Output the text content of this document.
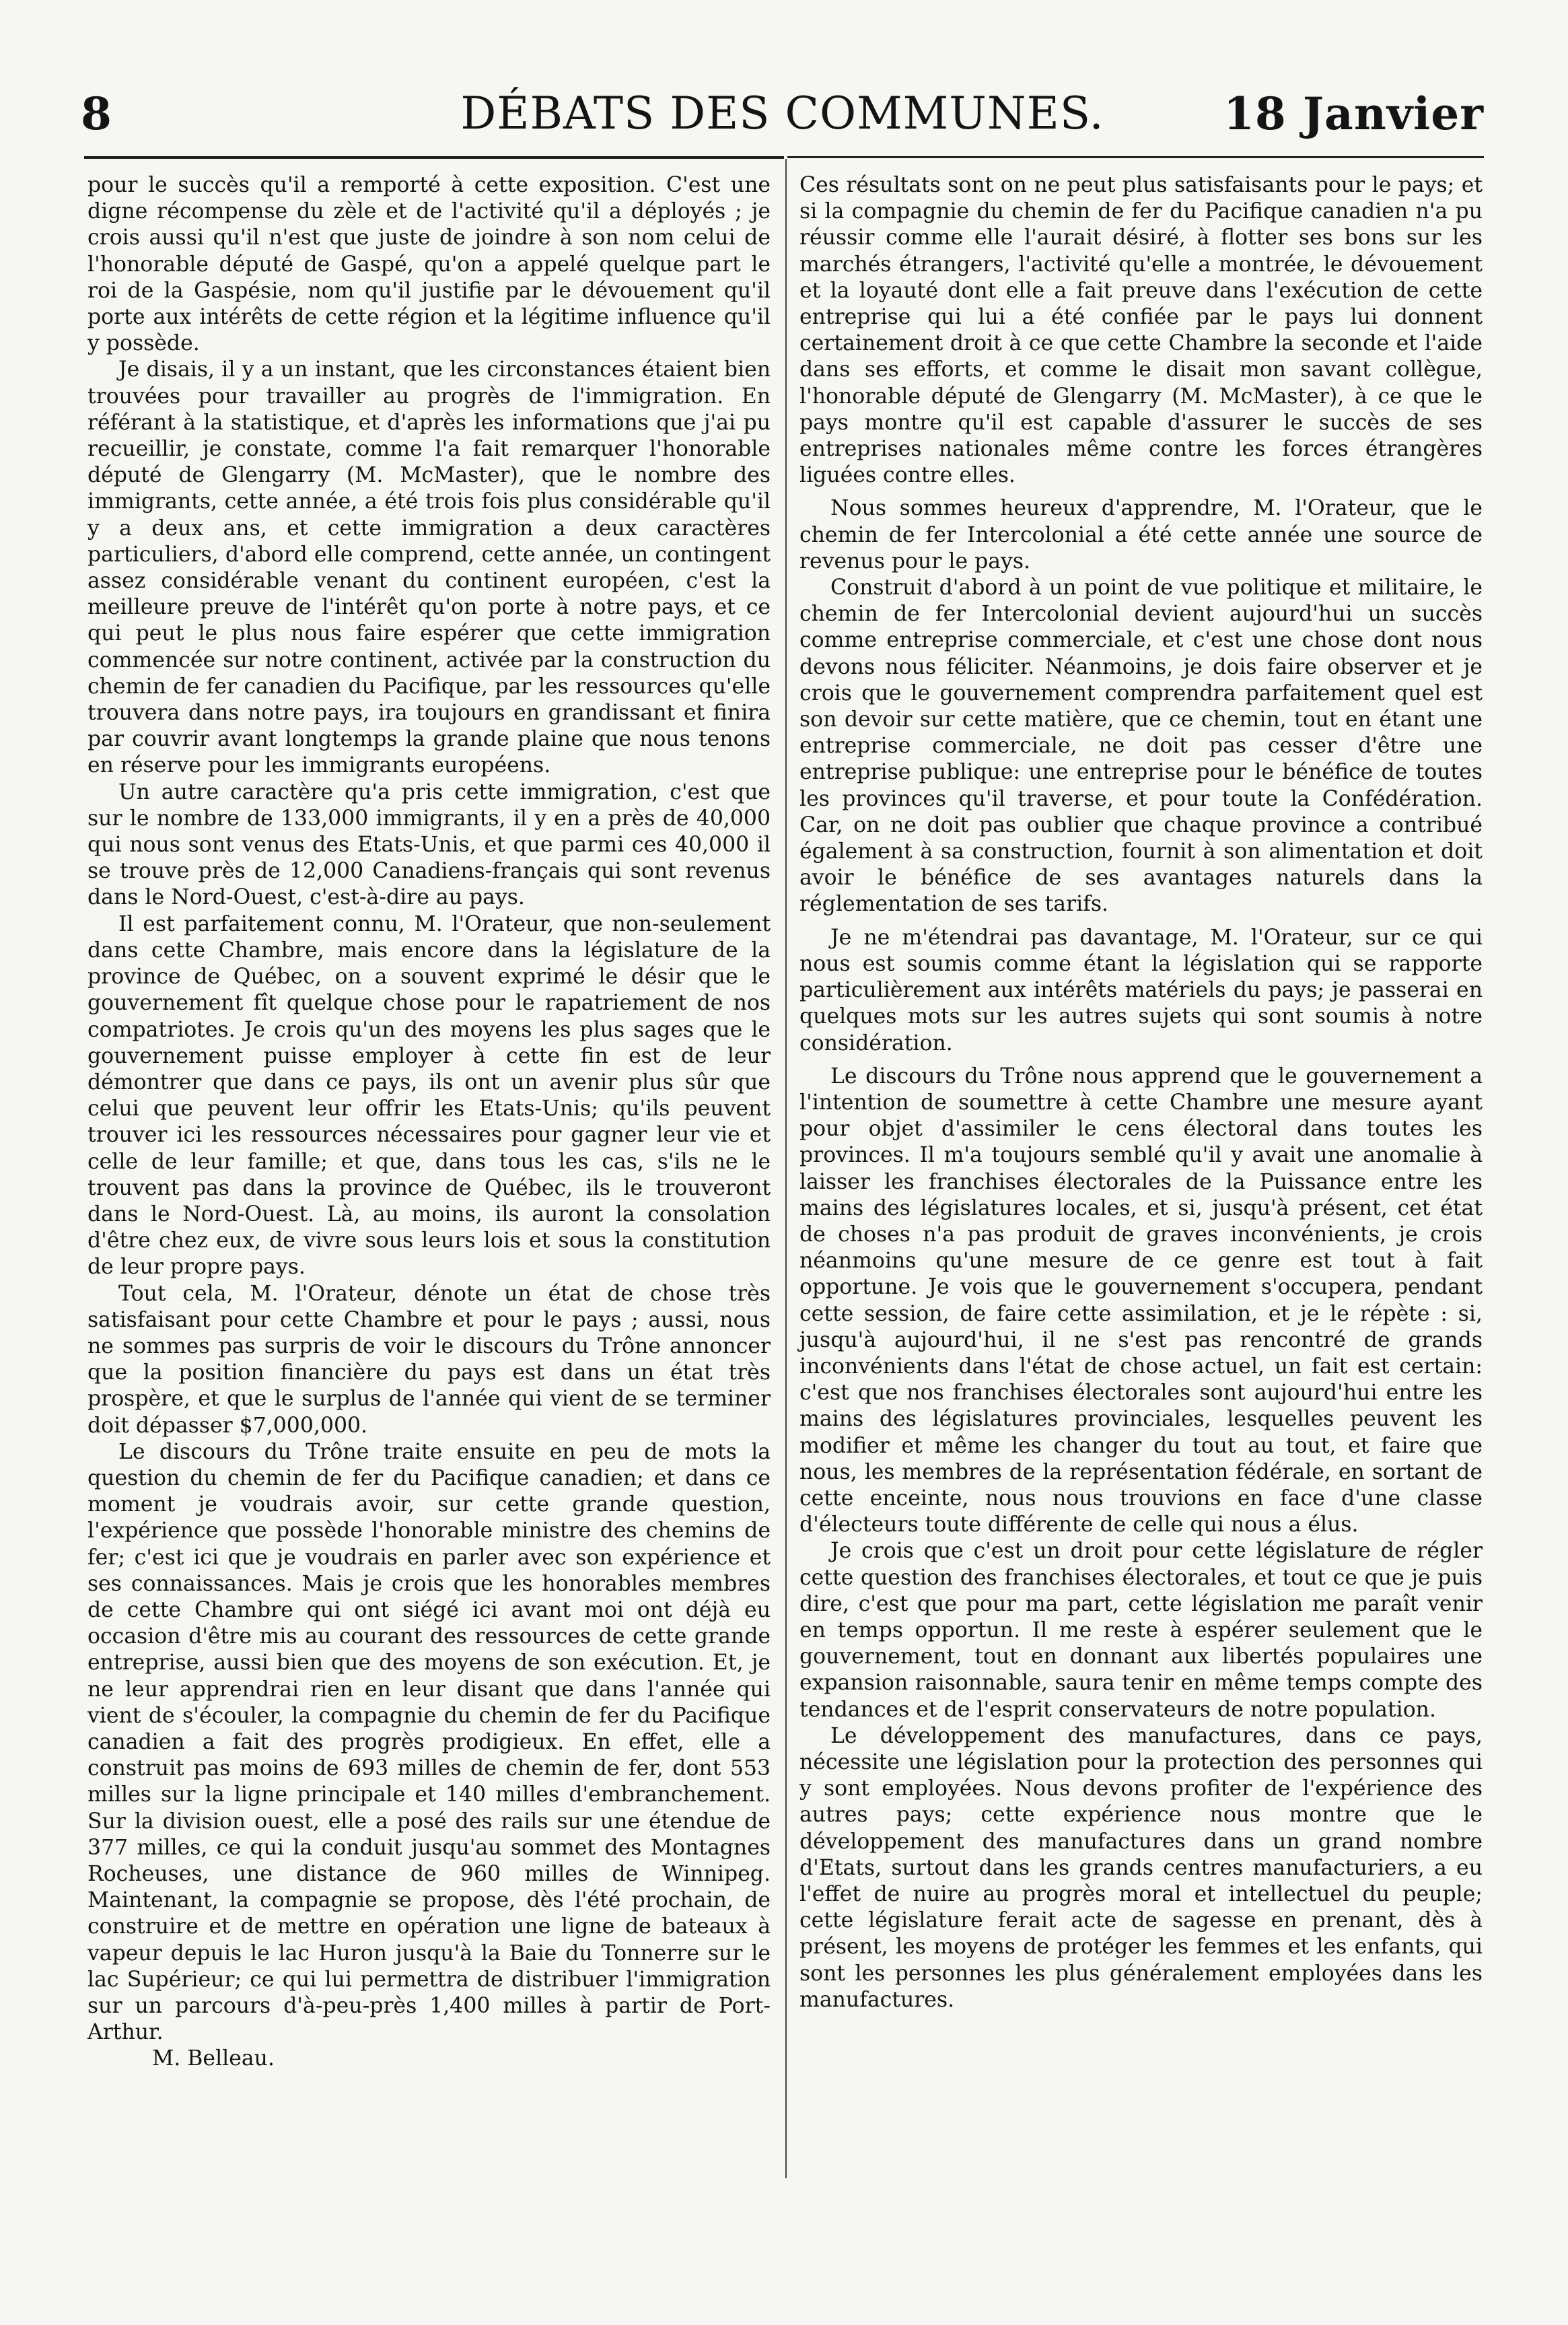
8	DÉBATS DES COMMUNES.	18 Janvier

pour le succès qu'il a remporté à cette exposition. C'est une digne récompense du zèle et de l'activité qu'il a déployés ; je crois aussi qu'il n'est que juste de joindre à son nom celui de l'honorable député de Gaspé, qu'on a appelé quelque part le roi de la Gaspésie, nom qu'il justifie par le dévouement qu'il porte aux intérêts de cette région et la légitime influence qu'il y possède.

Je disais, il y a un instant, que les circonstances étaient bien trouvées pour travailler au progrès de l'immigration. En référant à la statistique, et d'après les informations que j'ai pu recueillir, je constate, comme l'a fait remarquer l'honorable député de Glengarry (M. McMaster), que le nombre des immigrants, cette année, a été trois fois plus considérable qu'il y a deux ans, et cette immigration a deux caractères particuliers, d'abord elle comprend, cette année, un contingent assez considérable venant du continent européen, c'est la meilleure preuve de l'intérêt qu'on porte à notre pays, et ce qui peut le plus nous faire espérer que cette immigration commencée sur notre continent, activée par la construction du chemin de fer canadien du Pacifique, par les ressources qu'elle trouvera dans notre pays, ira toujours en grandissant et finira par couvrir avant longtemps la grande plaine que nous tenons en réserve pour les immigrants européens.

Un autre caractère qu'a pris cette immigration, c'est que sur le nombre de 133,000 immigrants, il y en a près de 40,000 qui nous sont venus des Etats-Unis, et que parmi ces 40,000 il se trouve près de 12,000 Canadiens-français qui sont revenus dans le Nord-Ouest, c'est-à-dire au pays.

Il est parfaitement connu, M. l'Orateur, que non-seulement dans cette Chambre, mais encore dans la législature de la province de Québec, on a souvent exprimé le désir que le gouvernement fît quelque chose pour le rapatriement de nos compatriotes. Je crois qu'un des moyens les plus sages que le gouvernement puisse employer à cette fin est de leur démontrer que dans ce pays, ils ont un avenir plus sûr que celui que peuvent leur offrir les Etats-Unis; qu'ils peuvent trouver ici les ressources nécessaires pour gagner leur vie et celle de leur famille; et que, dans tous les cas, s'ils ne le trouvent pas dans la province de Québec, ils le trouveront dans le Nord-Ouest. Là, au moins, ils auront la consolation d'être chez eux, de vivre sous leurs lois et sous la constitution de leur propre pays.

Tout cela, M. l'Orateur, dénote un état de chose très satisfaisant pour cette Chambre et pour le pays ; aussi, nous ne sommes pas surpris de voir le discours du Trône annoncer que la position financière du pays est dans un état très prospère, et que le surplus de l'année qui vient de se terminer doit dépasser $7,000,000.

Le discours du Trône traite ensuite en peu de mots la question du chemin de fer du Pacifique canadien; et dans ce moment je voudrais avoir, sur cette grande question, l'expérience que possède l'honorable ministre des chemins de fer; c'est ici que je voudrais en parler avec son expérience et ses connaissances. Mais je crois que les honorables membres de cette Chambre qui ont siégé ici avant moi ont déjà eu occasion d'être mis au courant des ressources de cette grande entreprise, aussi bien que des moyens de son exécution. Et, je ne leur apprendrai rien en leur disant que dans l'année qui vient de s'écouler, la compagnie du chemin de fer du Pacifique canadien a fait des progrès prodigieux. En effet, elle a construit pas moins de 693 milles de chemin de fer, dont 553 milles sur la ligne principale et 140 milles d'embranchement. Sur la division ouest, elle a posé des rails sur une étendue de 377 milles, ce qui la conduit jusqu'au sommet des Montagnes Rocheuses, une distance de 960 milles de Winnipeg. Maintenant, la compagnie se propose, dès l'été prochain, de construire et de mettre en opération une ligne de bateaux à vapeur depuis le lac Huron jusqu'à la Baie du Tonnerre sur le lac Supérieur; ce qui lui permettra de distribuer l'immigration sur un parcours d'à-peu-près 1,400 milles à partir de Port-Arthur.

M. Belleau.

Ces résultats sont on ne peut plus satisfaisants pour le pays; et si la compagnie du chemin de fer du Pacifique canadien n'a pu réussir comme elle l'aurait désiré, à flotter ses bons sur les marchés étrangers, l'activité qu'elle a montrée, le dévouement et la loyauté dont elle a fait preuve dans l'exécution de cette entreprise qui lui a été confiée par le pays lui donnent certainement droit à ce que cette Chambre la seconde et l'aide dans ses efforts, et comme le disait mon savant collègue, l'honorable député de Glengarry (M. McMaster), à ce que le pays montre qu'il est capable d'assurer le succès de ses entreprises nationales même contre les forces étrangères liguées contre elles.

Nous sommes heureux d'apprendre, M. l'Orateur, que le chemin de fer Intercolonial a été cette année une source de revenus pour le pays.

Construit d'abord à un point de vue politique et militaire, le chemin de fer Intercolonial devient aujourd'hui un succès comme entreprise commerciale, et c'est une chose dont nous devons nous féliciter. Néanmoins, je dois faire observer et je crois que le gouvernement comprendra parfaitement quel est son devoir sur cette matière, que ce chemin, tout en étant une entreprise commerciale, ne doit pas cesser d'être une entreprise publique: une entreprise pour le bénéfice de toutes les provinces qu'il traverse, et pour toute la Confédération. Car, on ne doit pas oublier que chaque province a contribué également à sa construction, fournit à son alimentation et doit avoir le bénéfice de ses avantages naturels dans la réglementation de ses tarifs.

Je ne m'étendrai pas davantage, M. l'Orateur, sur ce qui nous est soumis comme étant la législation qui se rapporte particulièrement aux intérêts matériels du pays; je passerai en quelques mots sur les autres sujets qui sont soumis à notre considération.

Le discours du Trône nous apprend que le gouvernement a l'intention de soumettre à cette Chambre une mesure ayant pour objet d'assimiler le cens électoral dans toutes les provinces. Il m'a toujours semblé qu'il y avait une anomalie à laisser les franchises électorales de la Puissance entre les mains des législatures locales, et si, jusqu'à présent, cet état de choses n'a pas produit de graves inconvénients, je crois néanmoins qu'une mesure de ce genre est tout à fait opportune. Je vois que le gouvernement s'occupera, pendant cette session, de faire cette assimilation, et je le répète : si, jusqu'à aujourd'hui, il ne s'est pas rencontré de grands inconvénients dans l'état de chose actuel, un fait est certain: c'est que nos franchises électorales sont aujourd'hui entre les mains des législatures provinciales, lesquelles peuvent les modifier et même les changer du tout au tout, et faire que nous, les membres de la représentation fédérale, en sortant de cette enceinte, nous nous trouvions en face d'une classe d'électeurs toute différente de celle qui nous a élus.

Je crois que c'est un droit pour cette législature de régler cette question des franchises électorales, et tout ce que je puis dire, c'est que pour ma part, cette législation me paraît venir en temps opportun. Il me reste à espérer seulement que le gouvernement, tout en donnant aux libertés populaires une expansion raisonnable, saura tenir en même temps compte des tendances et de l'esprit conservateurs de notre population.

Le développement des manufactures, dans ce pays, nécessite une législation pour la protection des personnes qui y sont employées. Nous devons profiter de l'expérience des autres pays; cette expérience nous montre que le développement des manufactures dans un grand nombre d'Etats, surtout dans les grands centres manufacturiers, a eu l'effet de nuire au progrès moral et intellectuel du peuple; cette législature ferait acte de sagesse en prenant, dès à présent, les moyens de protéger les femmes et les enfants, qui sont les personnes les plus généralement employées dans les manufactures.
